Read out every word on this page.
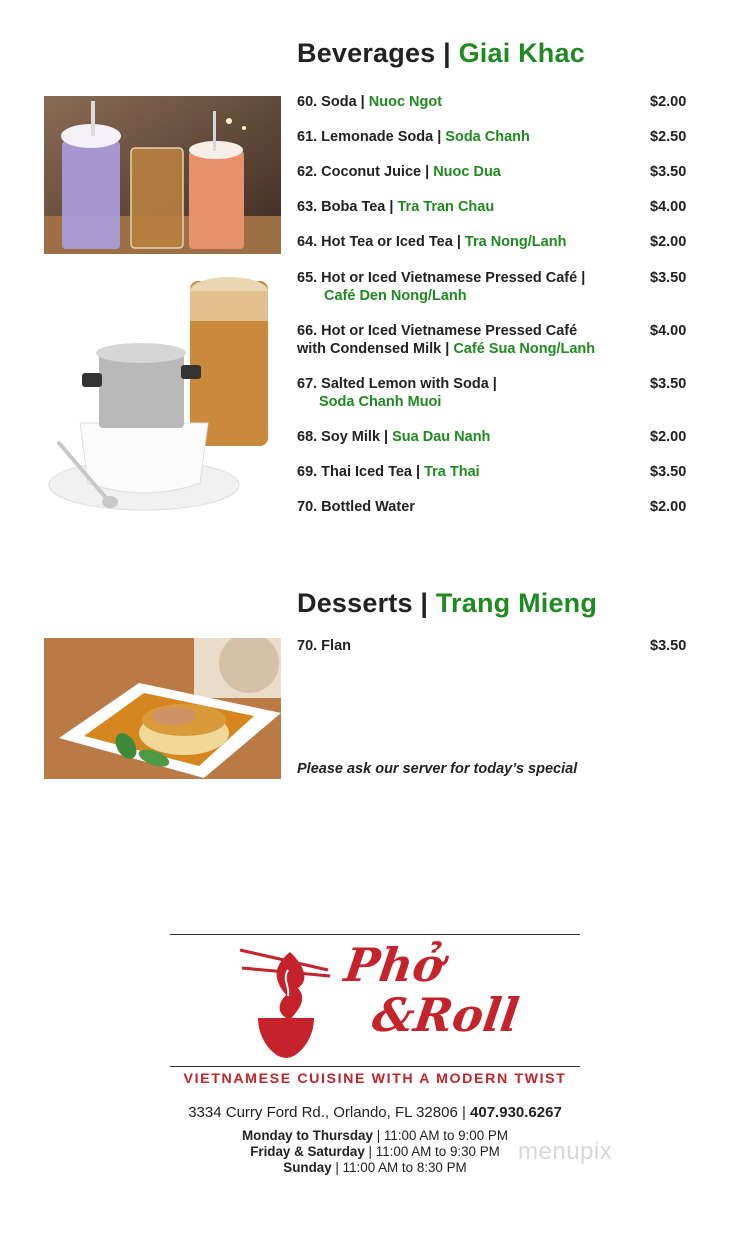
Beverages | Giai Khac
60. Soda | Nuoc Ngot	$2.00
61. Lemonade Soda | Soda Chanh	$2.50
62. Coconut Juice | Nuoc Dua	$3.50
63. Boba Tea | Tra Tran Chau	$4.00
64. Hot Tea or Iced Tea | Tra Nong/Lanh	$2.00
65. Hot or Iced Vietnamese Pressed Café |
Café Den Nong/Lanh
$3.50
66. Hot or Iced Vietnamese Pressed Café
with Condensed Milk | Café Sua Nong/Lanh
$4.00
67. Salted Lemon with Soda |
Soda Chanh Muoi
$3.50
68. Soy Milk | Sua Dau Nanh	$2.00
69. Thai Iced Tea | Tra Thai	$3.50
70. Bottled Water	$2.00
Desserts | Trang Mieng
70. Flan	$3.50
Please ask our server for today’s special
Phở
&Roll
VIETNAMESE CUISINE WITH A MODERN TWIST
3334 Curry Ford Rd., Orlando, FL 32806 | 407.930.6267
Monday to Thursday | 11:00 AM to 9:00 PM
Friday & Saturday | 11:00 AM to 9:30 PM
Sunday | 11:00 AM to 8:30 PM
menupix
